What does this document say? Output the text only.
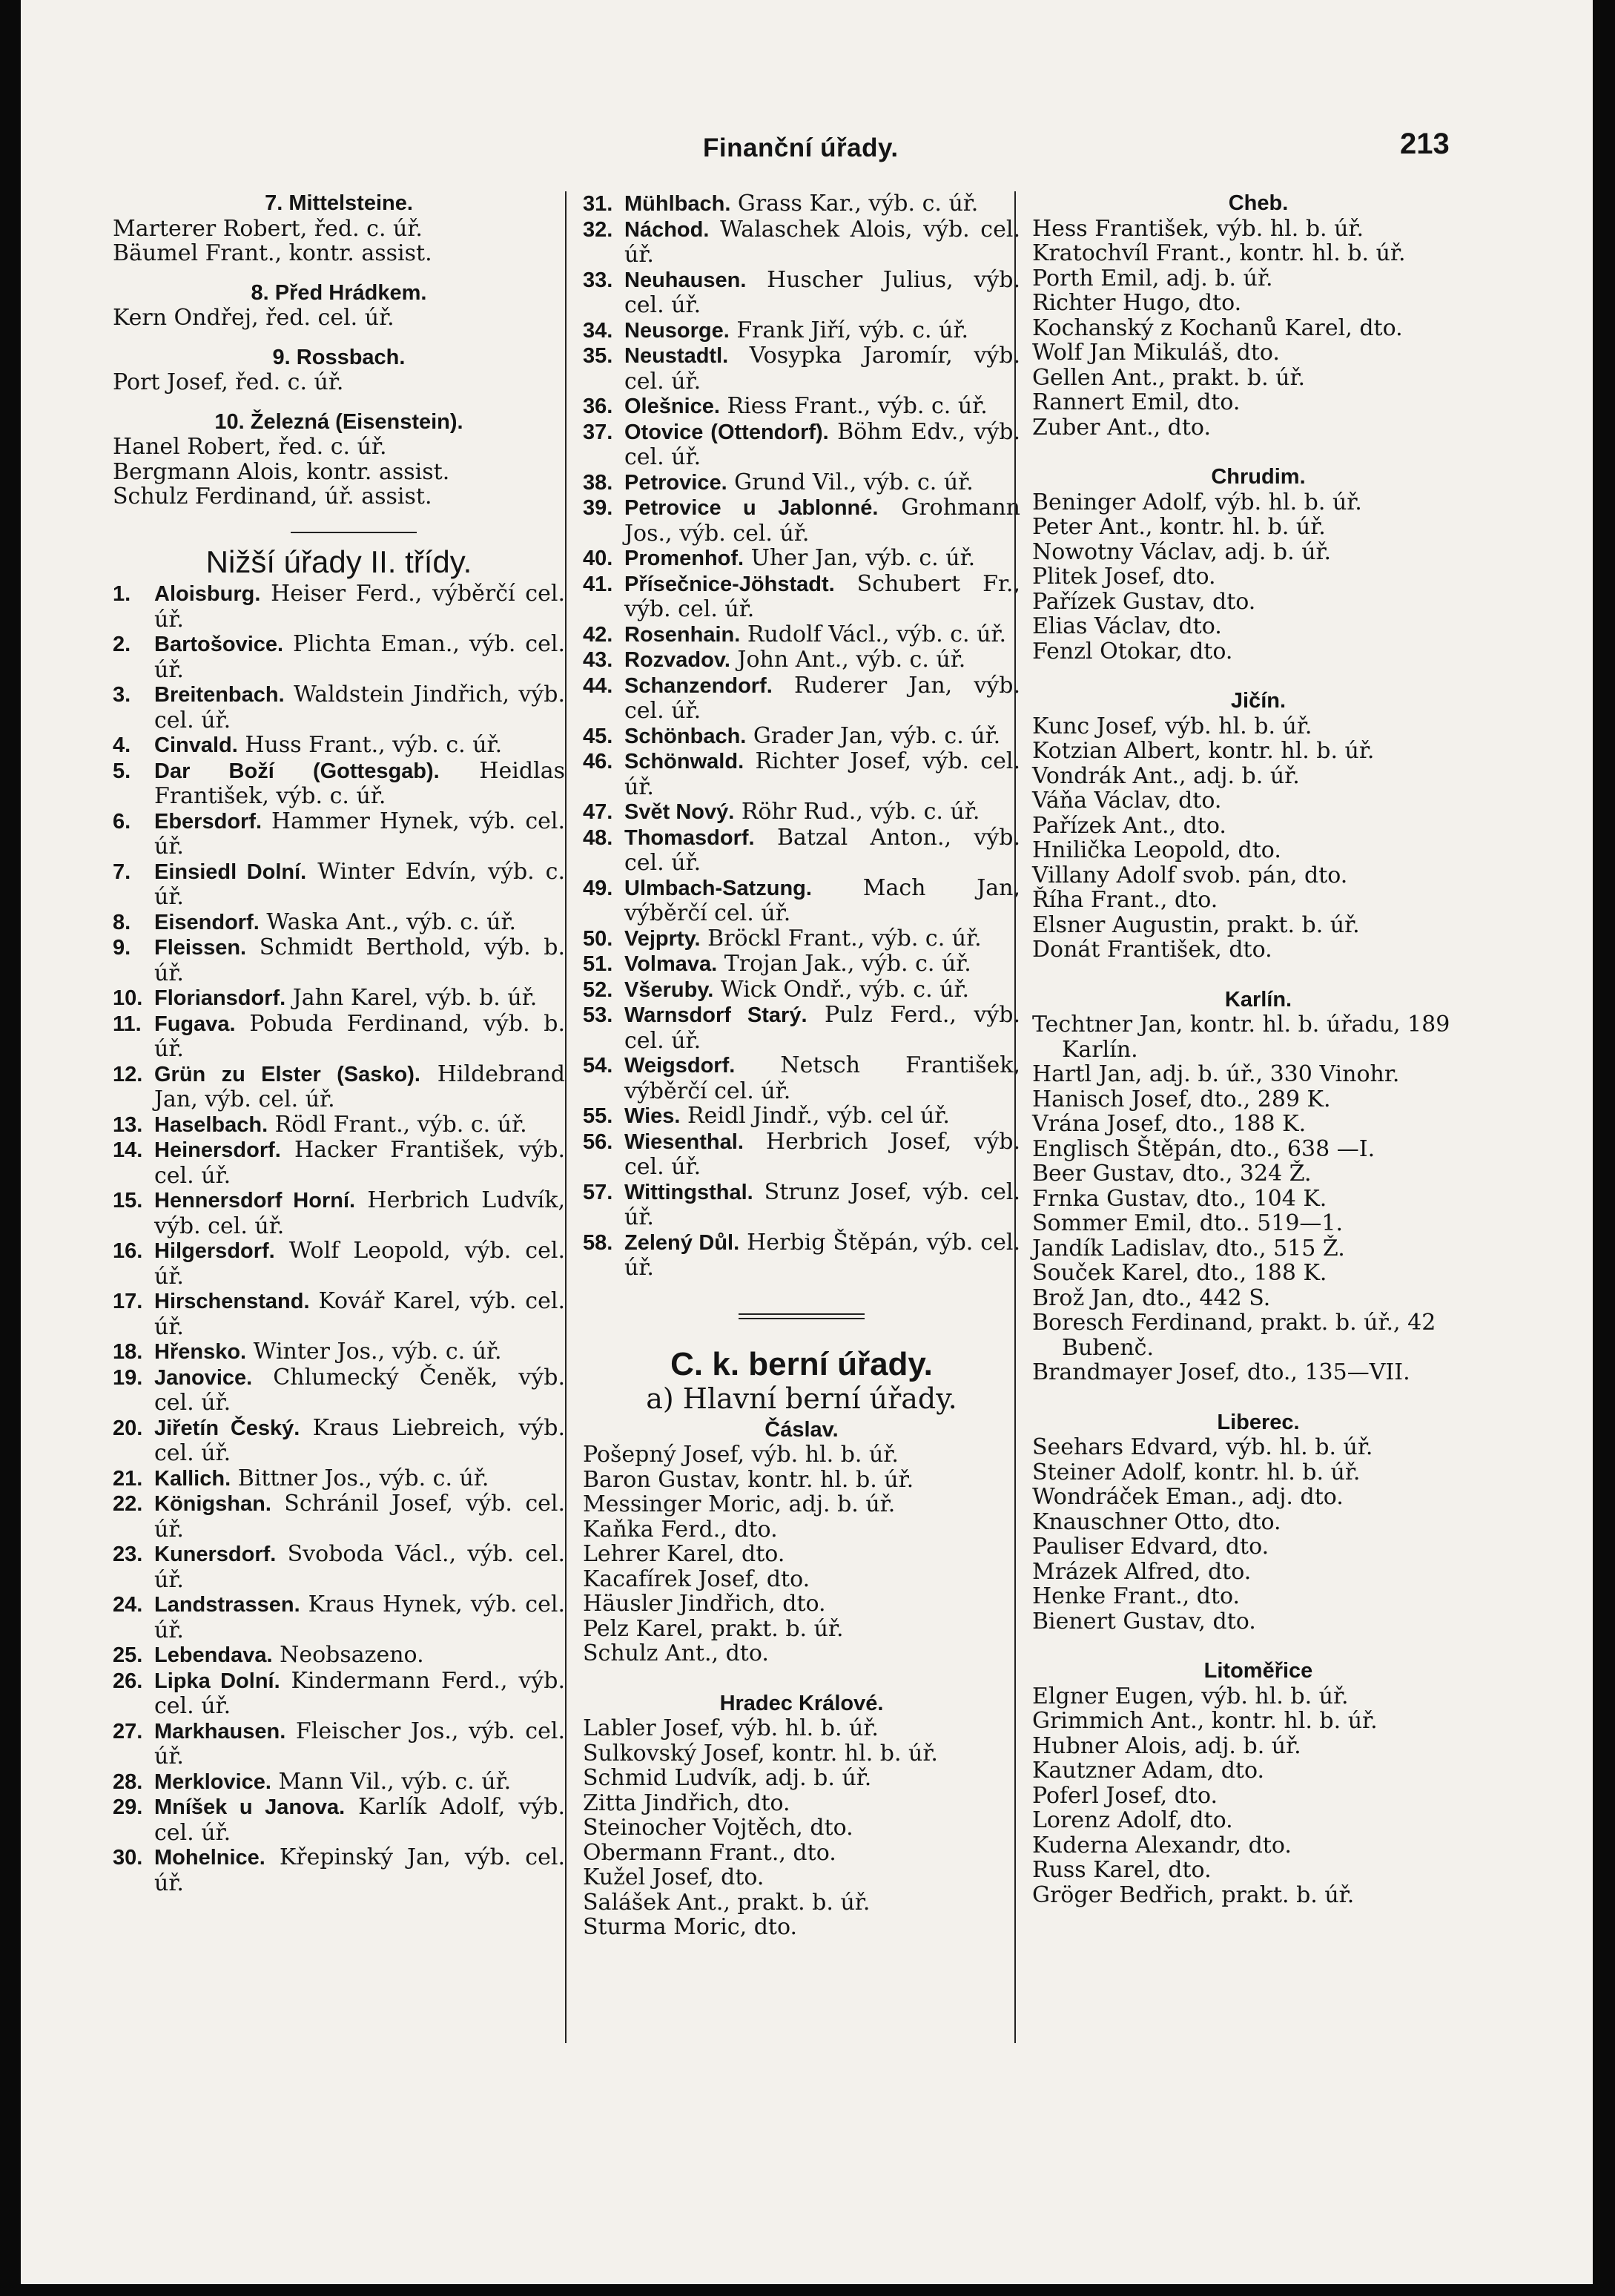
Finanční úřady.	213
7. Mittelsteine.
Marterer Robert, řed. c. úř.
Bäumel Frant., kontr. assist.
8. Před Hrádkem.
Kern Ondřej, řed. cel. úř.
9. Rossbach.
Port Josef, řed. c. úř.
10. Železná (Eisenstein).
Hanel Robert, řed. c. úř.
Bergmann Alois, kontr. assist.
Schulz Ferdinand, úř. assist.
Nižší úřady II. třídy.
1. Aloisburg. Heiser Ferd., výběrčí cel. úř.
2. Bartošovice. Plichta Eman., výb. cel. úř.
3. Breitenbach. Waldstein Jindřich, výb. cel. úř.
4. Cinvald. Huss Frant., výb. c. úř.
5. Dar Boží (Gottesgab). Heidlas František, výb. c. úř.
6. Ebersdorf. Hammer Hynek, výb. cel. úř.
7. Einsiedl Dolní. Winter Edvín, výb. c. úř.
8. Eisendorf. Waska Ant., výb. c. úř.
9. Fleissen. Schmidt Berthold, výb. b. úř.
10. Floriansdorf. Jahn Karel, výb. b. úř.
11. Fugava. Pobuda Ferdinand, výb. b. úř.
12. Grün zu Elster (Sasko). Hildebrand Jan, výb. cel. úř.
13. Haselbach. Rödl Frant., výb. c. úř.
14. Heinersdorf. Hacker František, výb. cel. úř.
15. Hennersdorf Horní. Herbrich Ludvík, výb. cel. úř.
16. Hilgersdorf. Wolf Leopold, výb. cel. úř.
17. Hirschenstand. Kovář Karel, výb. cel. úř.
18. Hřensko. Winter Jos., výb. c. úř.
19. Janovice. Chlumecký Čeněk, výb. cel. úř.
20. Jiřetín Český. Kraus Liebreich, výb. cel. úř.
21. Kallich. Bittner Jos., výb. c. úř.
22. Königshan. Schránil Josef, výb. cel. úř.
23. Kunersdorf. Svoboda Václ., výb. cel. úř.
24. Landstrassen. Kraus Hynek, výb. cel. úř.
25. Lebendava. Neobsazeno.
26. Lipka Dolní. Kindermann Ferd., výb. cel. úř.
27. Markhausen. Fleischer Jos., výb. cel. úř.
28. Merklovice. Mann Vil., výb. c. úř.
29. Mníšek u Janova. Karlík Adolf, výb. cel. úř.
30. Mohelnice. Křepinský Jan, výb. cel. úř.
31. Mühlbach. Grass Kar., výb. c. úř.
32. Náchod. Walaschek Alois, výb. cel. úř.
33. Neuhausen. Huscher Julius, výb. cel. úř.
34. Neusorge. Frank Jiří, výb. c. úř.
35. Neustadtl. Vosypka Jaromír, výb. cel. úř.
36. Olešnice. Riess Frant., výb. c. úř.
37. Otovice (Ottendorf). Böhm Edv., výb. cel. úř.
38. Petrovice. Grund Vil., výb. c. úř.
39. Petrovice u Jablonné. Grohmann Jos., výb. cel. úř.
40. Promenhof. Uher Jan, výb. c. úř.
41. Přísečnice-Jöhstadt. Schubert Fr., výb. cel. úř.
42. Rosenhain. Rudolf Václ., výb. c. úř.
43. Rozvadov. John Ant., výb. c. úř.
44. Schanzendorf. Ruderer Jan, výb. cel. úř.
45. Schönbach. Grader Jan, výb. c. úř.
46. Schönwald. Richter Josef, výb. cel. úř.
47. Svět Nový. Röhr Rud., výb. c. úř.
48. Thomasdorf. Batzal Anton., výb. cel. úř.
49. Ulmbach-Satzung. Mach Jan, výběrčí cel. úř.
50. Vejprty. Bröckl Frant., výb. c. úř.
51. Volmava. Trojan Jak., výb. c. úř.
52. Všeruby. Wick Ondř., výb. c. úř.
53. Warnsdorf Starý. Pulz Ferd., výb. cel. úř.
54. Weigsdorf. Netsch František, výběrčí cel. úř.
55. Wies. Reidl Jindř., výb. cel úř.
56. Wiesenthal. Herbrich Josef, výb. cel. úř.
57. Wittingsthal. Strunz Josef, výb. cel. úř.
58. Zelený Důl. Herbig Štěpán, výb. cel. úř.
C. k. berní úřady.
a) Hlavní berní úřady.
Čáslav.
Pošepný Josef, výb. hl. b. úř.
Baron Gustav, kontr. hl. b. úř.
Messinger Moric, adj. b. úř.
Kaňka Ferd., dto.
Lehrer Karel, dto.
Kacafírek Josef, dto.
Häusler Jindřich, dto.
Pelz Karel, prakt. b. úř.
Schulz Ant., dto.
Hradec Králové.
Labler Josef, výb. hl. b. úř.
Sulkovský Josef, kontr. hl. b. úř.
Schmid Ludvík, adj. b. úř.
Zitta Jindřich, dto.
Steinocher Vojtěch, dto.
Obermann Frant., dto.
Kužel Josef, dto.
Salášek Ant., prakt. b. úř.
Sturma Moric, dto.
Cheb.
Hess František, výb. hl. b. úř.
Kratochvíl Frant., kontr. hl. b. úř.
Porth Emil, adj. b. úř.
Richter Hugo, dto.
Kochanský z Kochanů Karel, dto.
Wolf Jan Mikuláš, dto.
Gellen Ant., prakt. b. úř.
Rannert Emil, dto.
Zuber Ant., dto.
Chrudim.
Beninger Adolf, výb. hl. b. úř.
Peter Ant., kontr. hl. b. úř.
Nowotny Václav, adj. b. úř.
Plitek Josef, dto.
Pařízek Gustav, dto.
Elias Václav, dto.
Fenzl Otokar, dto.
Jičín.
Kunc Josef, výb. hl. b. úř.
Kotzian Albert, kontr. hl. b. úř.
Vondrák Ant., adj. b. úř.
Váňa Václav, dto.
Pařízek Ant., dto.
Hnilička Leopold, dto.
Villany Adolf svob. pán, dto.
Říha Frant., dto.
Elsner Augustin, prakt. b. úř.
Donát František, dto.
Karlín.
Techtner Jan, kontr. hl. b. úřadu, 189 Karlín.
Hartl Jan, adj. b. úř., 330 Vinohr.
Hanisch Josef, dto., 289 K.
Vrána Josef, dto., 188 K.
Englisch Štěpán, dto., 638 —I.
Beer Gustav, dto., 324 Ž.
Frnka Gustav, dto., 104 K.
Sommer Emil, dto.. 519—1.
Jandík Ladislav, dto., 515 Ž.
Souček Karel, dto., 188 K.
Brož Jan, dto., 442 S.
Boresch Ferdinand, prakt. b. úř., 42 Bubenč.
Brandmayer Josef, dto., 135—VII.
Liberec.
Seehars Edvard, výb. hl. b. úř.
Steiner Adolf, kontr. hl. b. úř.
Wondráček Eman., adj. dto.
Knauschner Otto, dto.
Pauliser Edvard, dto.
Mrázek Alfred, dto.
Henke Frant., dto.
Bienert Gustav, dto.
Litoměřice
Elgner Eugen, výb. hl. b. úř.
Grimmich Ant., kontr. hl. b. úř.
Hubner Alois, adj. b. úř.
Kautzner Adam, dto.
Poferl Josef, dto.
Lorenz Adolf, dto.
Kuderna Alexandr, dto.
Russ Karel, dto.
Gröger Bedřich, prakt. b. úř.
